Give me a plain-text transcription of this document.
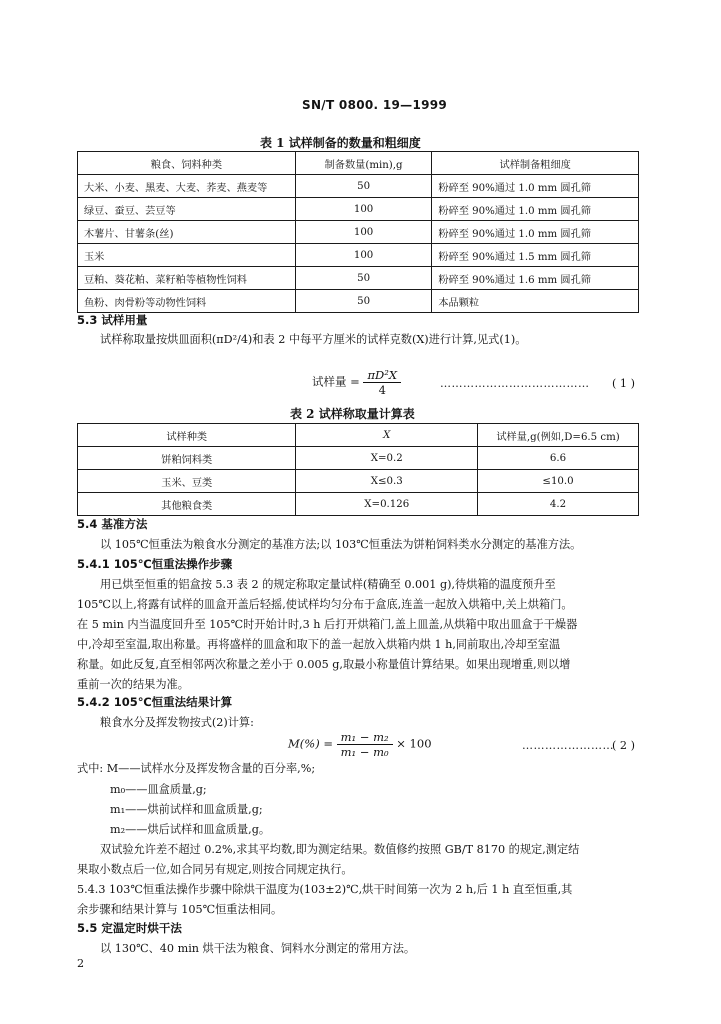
SN/T 0800. 19—1999
表 1 试样制备的数量和粗细度
粮食、饲料种类	制备数量(min),g	试样制备粗细度
大米、小麦、黑麦、大麦、荞麦、燕麦等	50	粉碎至 90%通过 1.0 mm 圆孔筛
绿豆、蚕豆、芸豆等	100	粉碎至 90%通过 1.0 mm 圆孔筛
木薯片、甘薯条(丝)	100	粉碎至 90%通过 1.0 mm 圆孔筛
玉米	100	粉碎至 90%通过 1.5 mm 圆孔筛
豆粕、葵花粕、菜籽粕等植物性饲料	50	粉碎至 90%通过 1.6 mm 圆孔筛
鱼粉、肉骨粉等动物性饲料	50	本品颗粒
5.3 试样用量
试样称取量按烘皿面积(πD²/4)和表 2 中每平方厘米的试样克数(X)进行计算,见式(1)。
试样量 = $\frac{\text{πD²X}}{4}$	………………………………… ( 1 )
表 2 试样称取量计算表
试样种类	X	试样量,g(例如,D=6.5 cm)
饼粕饲料类	X=0.2	6.6
玉米、豆类	X≤0.3	≤10.0
其他粮食类	X=0.126	4.2
5.4 基准方法
以 105℃恒重法为粮食水分测定的基准方法;以 103℃恒重法为饼粕饲料类水分测定的基准方法。
5.4.1 105℃恒重法操作步骤
用已烘至恒重的铝盒按 5.3 表 2 的规定称取定量试样(精确至 0.001 g),待烘箱的温度预升至
105℃以上,将露有试样的皿盒开盖后轻摇,使试样均匀分布于盒底,连盖一起放入烘箱中,关上烘箱门。
在 5 min 内当温度回升至 105℃时开始计时,3 h 后打开烘箱门,盖上皿盖,从烘箱中取出皿盒于干燥器
中,冷却至室温,取出称量。再将盛样的皿盒和取下的盖一起放入烘箱内烘 1 h,同前取出,冷却至室温
称量。如此反复,直至相邻两次称量之差小于 0.005 g,取最小称量值计算结果。如果出现增重,则以增
重前一次的结果为准。
5.4.2 105℃恒重法结果计算
粮食水分及挥发物按式(2)计算:
$M(\%) = \frac{\text{m₁ − m₂}}{\text{m₁ − m₀}} \times 100$	……………………
( 2 )
式中: M——试样水分及挥发物含量的百分率,%;
m₀——皿盒质量,g;
m₁——烘前试样和皿盒质量,g;
m₂——烘后试样和皿盒质量,g。
双试验允许差不超过 0.2%,求其平均数,即为测定结果。数值修约按照 GB/T 8170 的规定,测定结
果取小数点后一位,如合同另有规定,则按合同规定执行。
5.4.3 103℃恒重法操作步骤中除烘干温度为(103±2)℃,烘干时间第一次为 2 h,后 1 h 直至恒重,其
余步骤和结果计算与 105℃恒重法相同。
5.5 定温定时烘干法
以 130℃、40 min 烘干法为粮食、饲料水分测定的常用方法。
2
